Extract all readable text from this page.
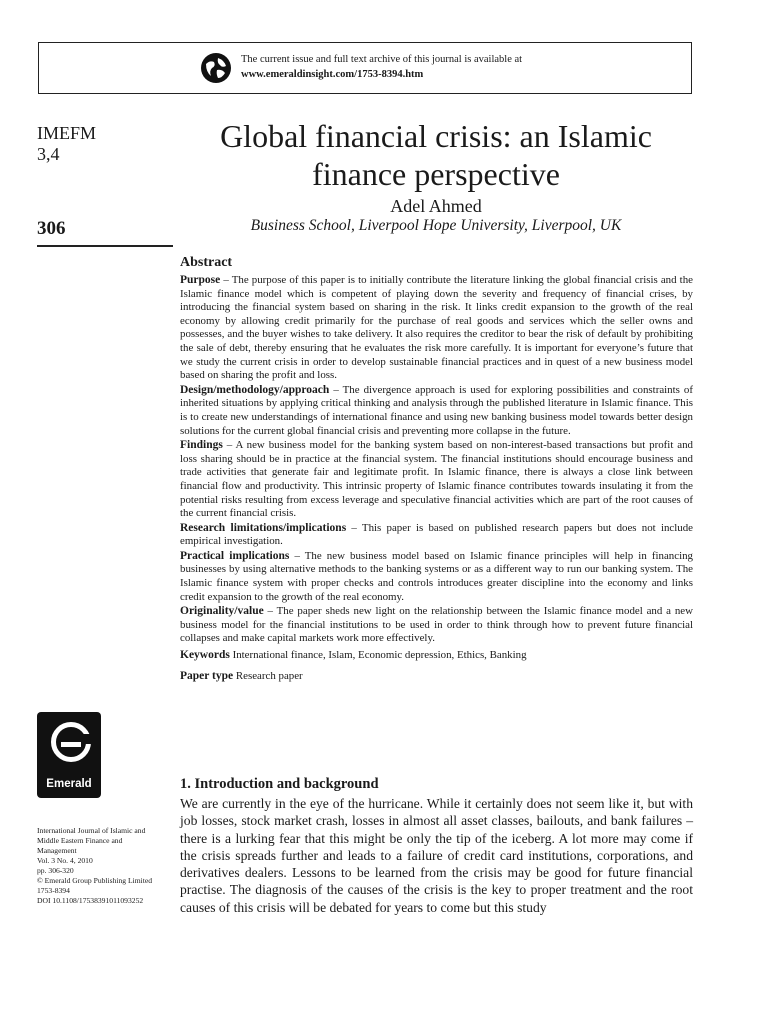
The current issue and full text archive of this journal is available at
www.emeraldinsight.com/1753-8394.htm
IMEFM
3,4
306
Global financial crisis: an Islamic finance perspective
Adel Ahmed
Business School, Liverpool Hope University, Liverpool, UK
Abstract

Purpose – The purpose of this paper is to initially contribute the literature linking the global financial crisis and the Islamic finance model which is competent of playing down the severity and frequency of financial crises, by introducing the financial system based on sharing in the risk. It links credit expansion to the growth of the real economy by allowing credit primarily for the purchase of real goods and services which the seller owns and possesses, and the buyer wishes to take delivery. It also requires the creditor to bear the risk of default by prohibiting the sale of debt, thereby ensuring that he evaluates the risk more carefully. It is important for everyone’s future that we study the current crisis in order to develop sustainable financial practices and in quest of a new business model based on sharing the profit and loss.

Design/methodology/approach – The divergence approach is used for exploring possibilities and constraints of inherited situations by applying critical thinking and analysis through the published literature in Islamic finance. This is to create new understandings of international finance and using new banking business model towards better design solutions for the current global financial crisis and preventing more collapse in the future.

Findings – A new business model for the banking system based on non-interest-based transactions but profit and loss sharing should be in practice at the financial system. The financial institutions should encourage business and trade activities that generate fair and legitimate profit. In Islamic finance, there is always a close link between financial flow and productivity. This intrinsic property of Islamic finance contributes towards insulating it from the potential risks resulting from excess leverage and speculative financial activities which are part of the root causes of the current financial crisis.

Research limitations/implications – This paper is based on published research papers but does not include empirical investigation.

Practical implications – The new business model based on Islamic finance principles will help in financing businesses by using alternative methods to the banking systems or as a different way to run our banking system. The Islamic finance system with proper checks and controls introduces greater discipline into the economy and links credit expansion to the growth of the real economy.

Originality/value – The paper sheds new light on the relationship between the Islamic finance model and a new business model for the financial institutions to be used in order to think through how to prevent future financial collapses and make capital markets work more effectively.

Keywords International finance, Islam, Economic depression, Ethics, Banking

Paper type Research paper

Emerald
International Journal of Islamic and
Middle Eastern Finance and
Management
Vol. 3 No. 4, 2010
pp. 306-320
© Emerald Group Publishing Limited
1753-8394
DOI 10.1108/17538391011093252
1. Introduction and background

We are currently in the eye of the hurricane. While it certainly does not seem like it, but with job losses, stock market crash, losses in almost all asset classes, bailouts, and bank failures – there is a lurking fear that this might be only the tip of the iceberg. A lot more may come if the crisis spreads further and leads to a failure of credit card institutions, corporations, and derivatives dealers. Lessons to be learned from the crisis may be good for future financial practise. The diagnosis of the causes of the crisis is the key to proper treatment and the root causes of this crisis will be debated for years to come but this study
